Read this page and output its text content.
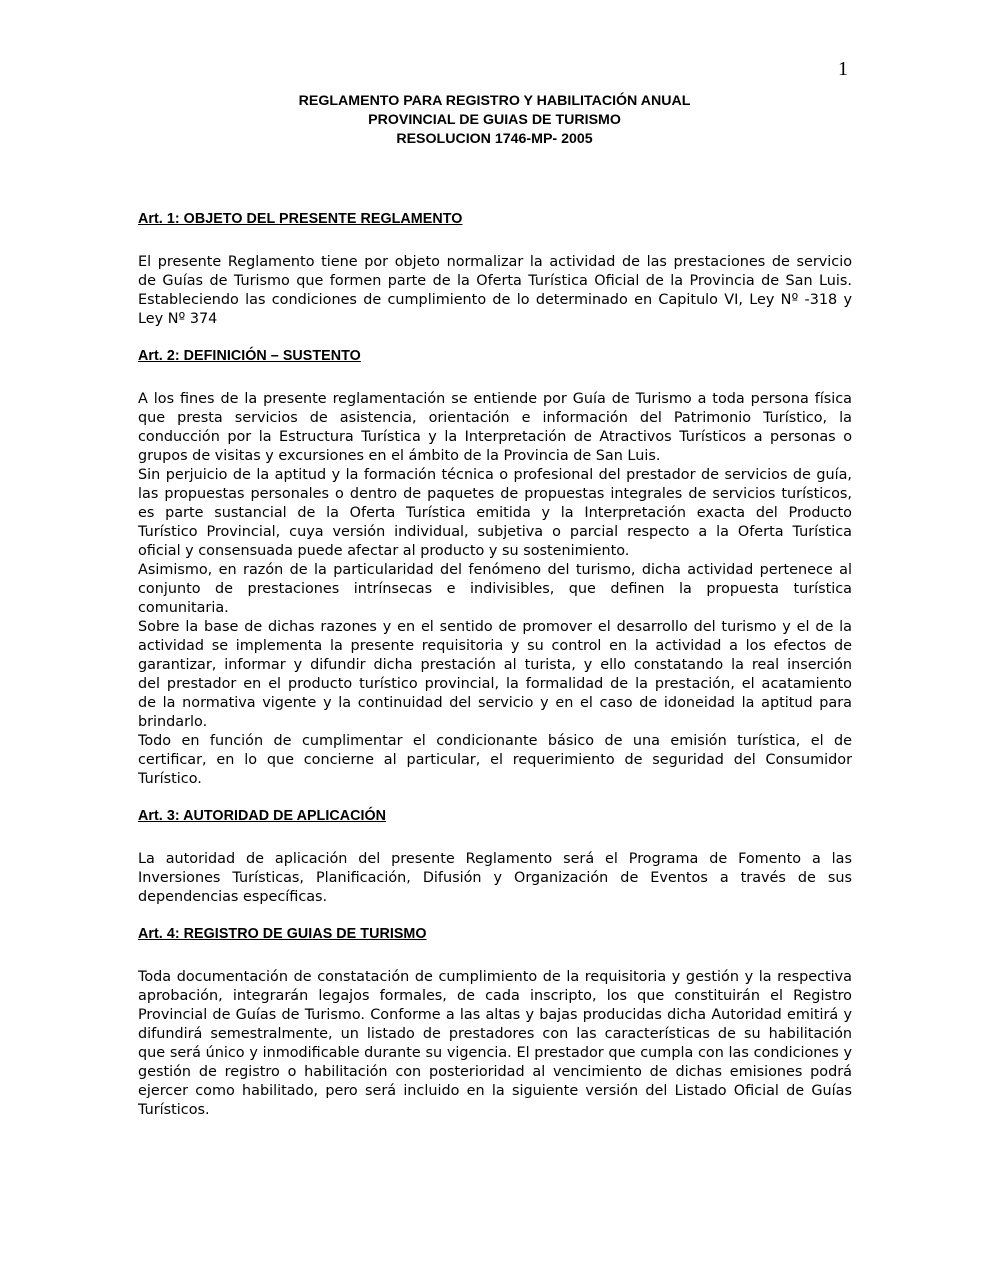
1
REGLAMENTO PARA REGISTRO Y HABILITACIÓN ANUAL
PROVINCIAL DE GUIAS DE TURISMO
RESOLUCION 1746-MP- 2005
Art. 1: OBJETO DEL PRESENTE REGLAMENTO
El presente Reglamento tiene por objeto normalizar la actividad de las prestaciones de servicio
de Guías de Turismo que formen parte de la Oferta Turística Oficial de la Provincia de San Luis.
Estableciendo las condiciones de cumplimiento de lo determinado en Capitulo VI, Ley Nº -318 y
Ley Nº 374
Art. 2: DEFINICIÓN – SUSTENTO
A los fines de la presente reglamentación se entiende por Guía de Turismo a toda persona física
que presta servicios de asistencia, orientación e información del Patrimonio Turístico, la
conducción por la Estructura Turística y la Interpretación de Atractivos Turísticos a personas o
grupos de visitas y excursiones en el ámbito de la Provincia de San Luis.
Sin perjuicio de la aptitud y la formación técnica o profesional del prestador de servicios de guía,
las propuestas personales o dentro de paquetes de propuestas integrales de servicios turísticos,
es parte sustancial de la Oferta Turística emitida y la Interpretación exacta del Producto
Turístico Provincial, cuya versión individual, subjetiva o parcial respecto a la Oferta Turística
oficial y consensuada puede afectar al producto y su sostenimiento.
Asimismo, en razón de la particularidad del fenómeno del turismo, dicha actividad pertenece al
conjunto de prestaciones intrínsecas e indivisibles, que definen la propuesta turística
comunitaria.
Sobre la base de dichas razones y en el sentido de promover el desarrollo del turismo y el de la
actividad se implementa la presente requisitoria y su control en la actividad a los efectos de
garantizar, informar y difundir dicha prestación al turista, y ello constatando la real inserción
del prestador en el producto turístico provincial, la formalidad de la prestación, el acatamiento
de la normativa vigente y la continuidad del servicio y en el caso de idoneidad la aptitud para
brindarlo.
Todo en función de cumplimentar el condicionante básico de una emisión turística, el de
certificar, en lo que concierne al particular, el requerimiento de seguridad del Consumidor
Turístico.
Art. 3: AUTORIDAD DE APLICACIÓN
La autoridad de aplicación del presente Reglamento será el Programa de Fomento a las
Inversiones Turísticas, Planificación, Difusión y Organización de Eventos a través de sus
dependencias específicas.
Art. 4: REGISTRO DE GUIAS DE TURISMO
Toda documentación de constatación de cumplimiento de la requisitoria y gestión y la respectiva
aprobación, integrarán legajos formales, de cada inscripto, los que constituirán el Registro
Provincial de Guías de Turismo. Conforme a las altas y bajas producidas dicha Autoridad emitirá y
difundirá semestralmente, un listado de prestadores con las características de su habilitación
que será único y inmodificable durante su vigencia. El prestador que cumpla con las condiciones y
gestión de registro o habilitación con posterioridad al vencimiento de dichas emisiones podrá
ejercer como habilitado, pero será incluido en la siguiente versión del Listado Oficial de Guías
Turísticos.
